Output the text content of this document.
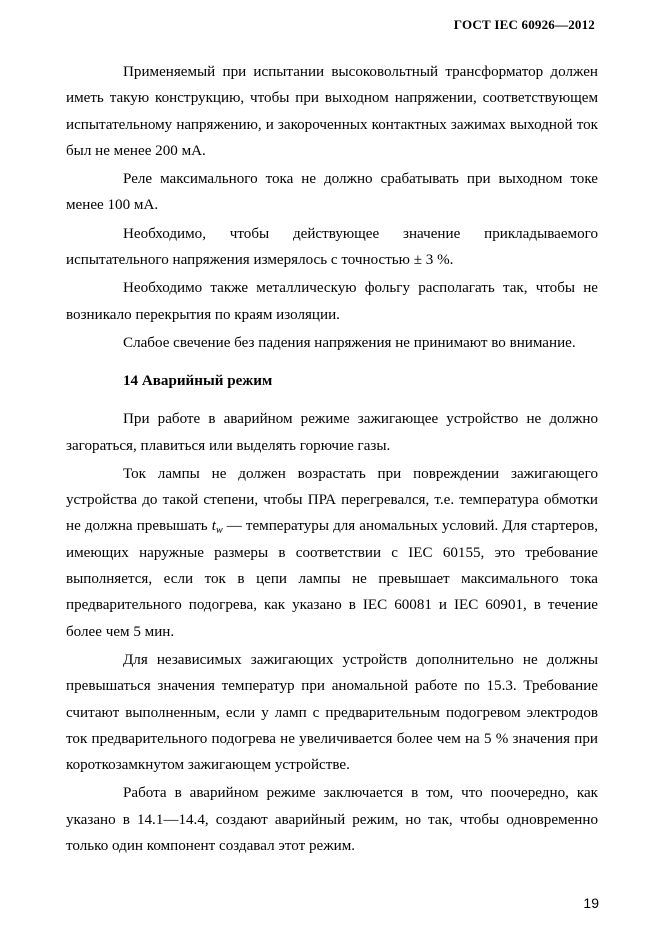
ГОСТ IEC 60926—2012

Применяемый при испытании высоковольтный трансформатор должен иметь такую конструкцию, чтобы при выходном напряжении, соответствующем испытательному напряжению, и закороченных контактных зажимах выходной ток был не менее 200 мА.

Реле максимального тока не должно срабатывать при выходном токе менее 100 мА.

Необходимо, чтобы действующее значение прикладываемого испытательного напряжения измерялось с точностью ± 3 %.

Необходимо также металлическую фольгу располагать так, чтобы не возникало перекрытия по краям изоляции.

Слабое свечение без падения напряжения не принимают во внимание.

14 Аварийный режим

При работе в аварийном режиме зажигающее устройство не должно загораться, плавиться или выделять горючие газы.

Ток лампы не должен возрастать при повреждении зажигающего устройства до такой степени, чтобы ПРА перегревался, т.е. температура обмотки не должна превышать $t_w$ — температуры для аномальных условий. Для стартеров, имеющих наружные размеры в соответствии с IEC 60155, это требование выполняется, если ток в цепи лампы не превышает максимального тока предварительного подогрева, как указано в IEC 60081 и IEC 60901, в течение более чем 5 мин.

Для независимых зажигающих устройств дополнительно не должны превышаться значения температур при аномальной работе по 15.3. Требование считают выполненным, если у ламп с предварительным подогревом электродов ток предварительного подогрева не увеличивается более чем на 5 % значения при короткозамкнутом зажигающем устройстве.

Работа в аварийном режиме заключается в том, что поочередно, как указано в 14.1—14.4, создают аварийный режим, но так, чтобы одновременно только один компонент создавал этот режим.

19
